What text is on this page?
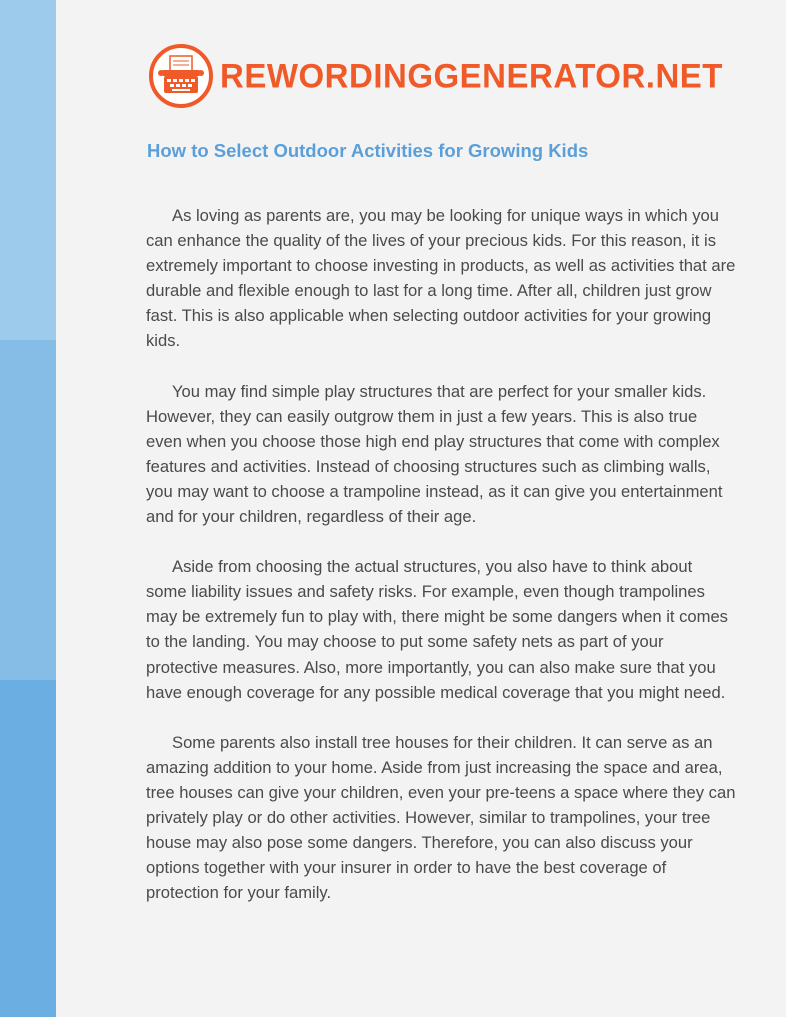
REWORDINGGENERATOR.NET
How to Select Outdoor Activities for Growing Kids

As loving as parents are, you may be looking for unique ways in which you can enhance the quality of the lives of your precious kids. For this reason, it is extremely important to choose investing in products, as well as activities that are durable and flexible enough to last for a long time. After all, children just grow fast. This is also applicable when selecting outdoor activities for your growing kids.

You may find simple play structures that are perfect for your smaller kids. However, they can easily outgrow them in just a few years. This is also true even when you choose those high end play structures that come with complex features and activities. Instead of choosing structures such as climbing walls, you may want to choose a trampoline instead, as it can give you entertainment and for your children, regardless of their age.

Aside from choosing the actual structures, you also have to think about some liability issues and safety risks. For example, even though trampolines may be extremely fun to play with, there might be some dangers when it comes to the landing. You may choose to put some safety nets as part of your protective measures. Also, more importantly, you can also make sure that you have enough coverage for any possible medical coverage that you might need.

Some parents also install tree houses for their children. It can serve as an amazing addition to your home. Aside from just increasing the space and area, tree houses can give your children, even your pre-teens a space where they can privately play or do other activities. However, similar to trampolines, your tree house may also pose some dangers. Therefore, you can also discuss your options together with your insurer in order to have the best coverage of protection for your family.
